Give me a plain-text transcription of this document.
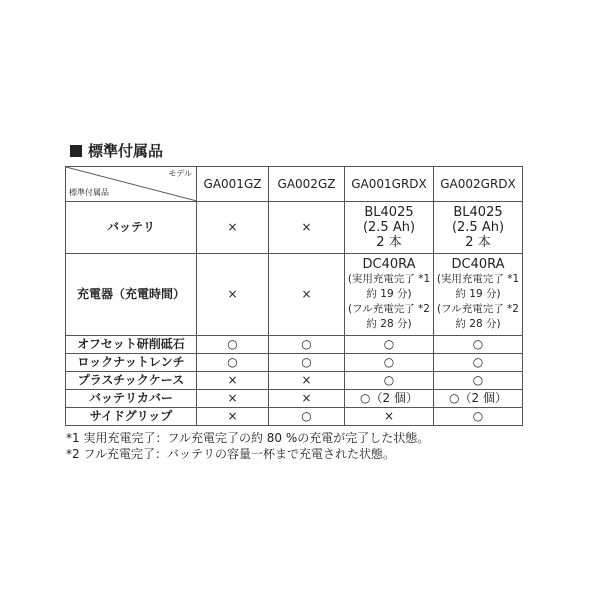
標準付属品
モデル
標準付属品	GA001GZ	GA002GZ	GA001GRDX	GA002GRDX
バッテリ	×	×	BL4025
(2.5 Ah)
2 本	BL4025
(2.5 Ah)
2 本

充電器（充電時間）	×	×	DC40RA
(実用充電完了 *1
約 19 分)
(フル充電完了 *2
約 28 分)	DC40RA
(実用充電完了 *1
約 19 分)
(フル充電完了 *2
約 28 分)

オフセット研削砥石	○	○	○	○
ロックナットレンチ	○	○	○	○
プラスチックケース	×	×	○	○
バッテリカバー	×	×	○（2 個）	○（2 個）
サイドグリップ	×	○	×	○
*1 実用充電完了：フル充電完了の約 80 %の充電が完了した状態。
*2 フル充電完了：バッテリの容量一杯まで充電された状態。
